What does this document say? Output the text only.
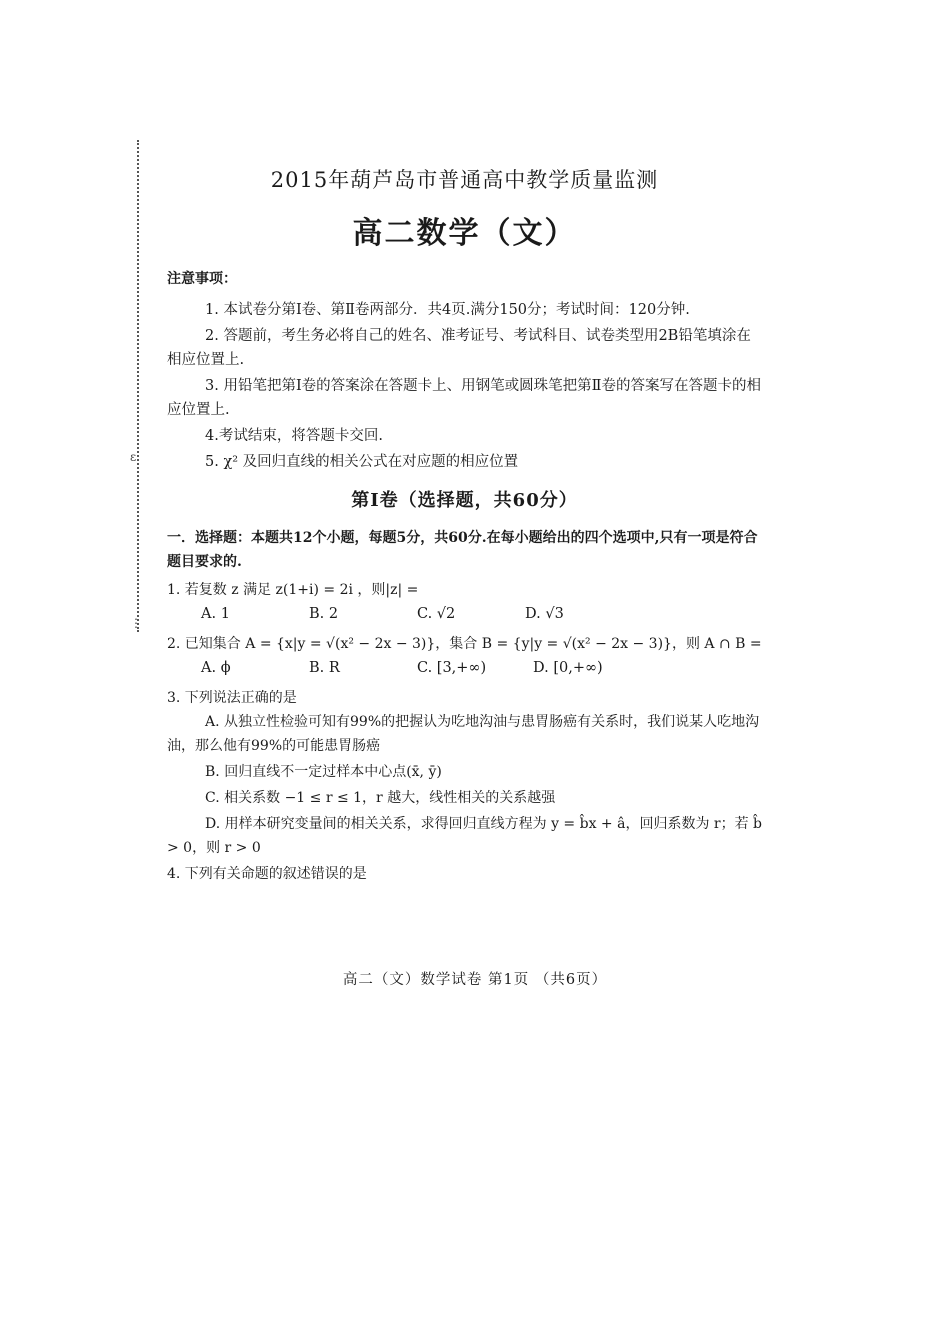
ε
⋮
2015年葫芦岛市普通高中教学质量监测
高二数学（文）
注意事项：

1. 本试卷分第Ⅰ卷、第Ⅱ卷两部分．共4页.满分150分；考试时间：120分钟.

2. 答题前，考生务必将自己的姓名、准考证号、考试科目、试卷类型用2B铅笔填涂在相应位置上.

3. 用铅笔把第Ⅰ卷的答案涂在答题卡上、用钢笔或圆珠笔把第Ⅱ卷的答案写在答题卡的相应位置上.

4.考试结束，将答题卡交回.

5. χ² 及回归直线的相关公式在对应题的相应位置

第Ⅰ卷（选择题，共60分）

一．选择题：本题共12个小题，每题5分，共60分.在每小题给出的四个选项中,只有一项是符合题目要求的.

1. 若复数 z 满足 z(1+i) = 2i ，则|z| =

A. 1	B. 2	C. √2	D. √3

2. 已知集合 A = {x|y = √(x² − 2x − 3)}，集合 B = {y|y = √(x² − 2x − 3)}，则 A ∩ B =

A. ϕ	B. R	C. [3,+∞)	D. [0,+∞)

3. 下列说法正确的是

A. 从独立性检验可知有99%的把握认为吃地沟油与患胃肠癌有关系时，我们说某人吃地沟油，那么他有99%的可能患胃肠癌

B. 回归直线不一定过样本中心点(x̄, ȳ)

C. 相关系数 −1 ≤ r ≤ 1，r 越大，线性相关的关系越强

D. 用样本研究变量间的相关关系，求得回归直线方程为 y = b̂x + â，回归系数为 r；若 b̂ > 0，则 r > 0

4. 下列有关命题的叙述错误的是

高二（文）数学试卷 第1页 （共6页）
